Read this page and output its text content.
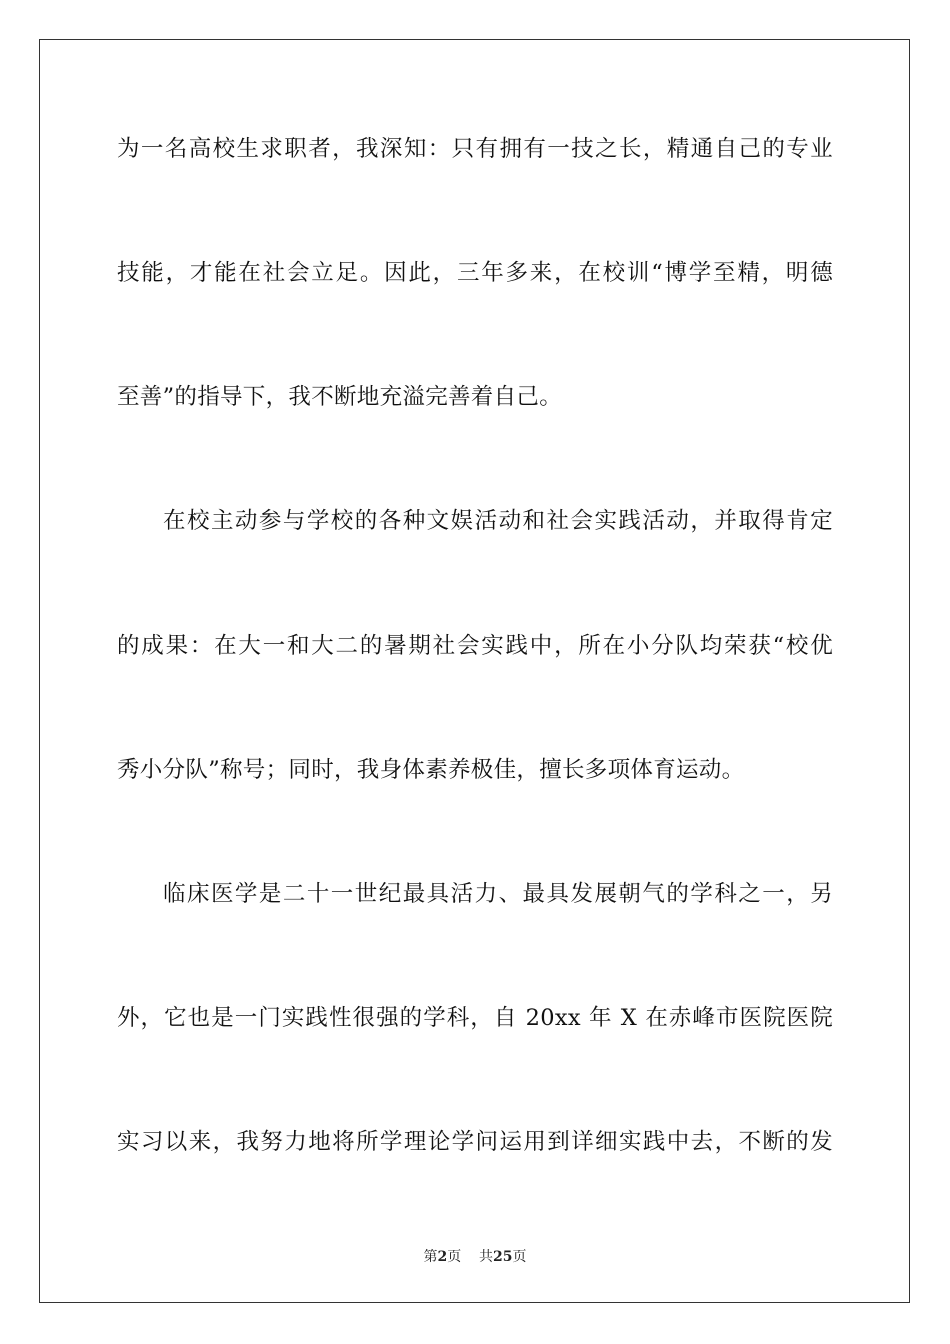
为一名高校生求职者，我深知：只有拥有一技之长，精通自己的专业
技能，才能在社会立足。因此，三年多来，在校训“博学至精，明德
至善”的指导下，我不断地充溢完善着自己。
在校主动参与学校的各种文娱活动和社会实践活动，并取得肯定
的成果：在大一和大二的暑期社会实践中，所在小分队均荣获“校优
秀小分队”称号；同时，我身体素养极佳，擅长多项体育运动。
临床医学是二十一世纪最具活力、最具发展朝气的学科之一，另
外，它也是一门实践性很强的学科，自 20xx 年 X 在赤峰市医院医院
实习以来，我努力地将所学理论学问运用到详细实践中去，不断的发
第2页 共25页
